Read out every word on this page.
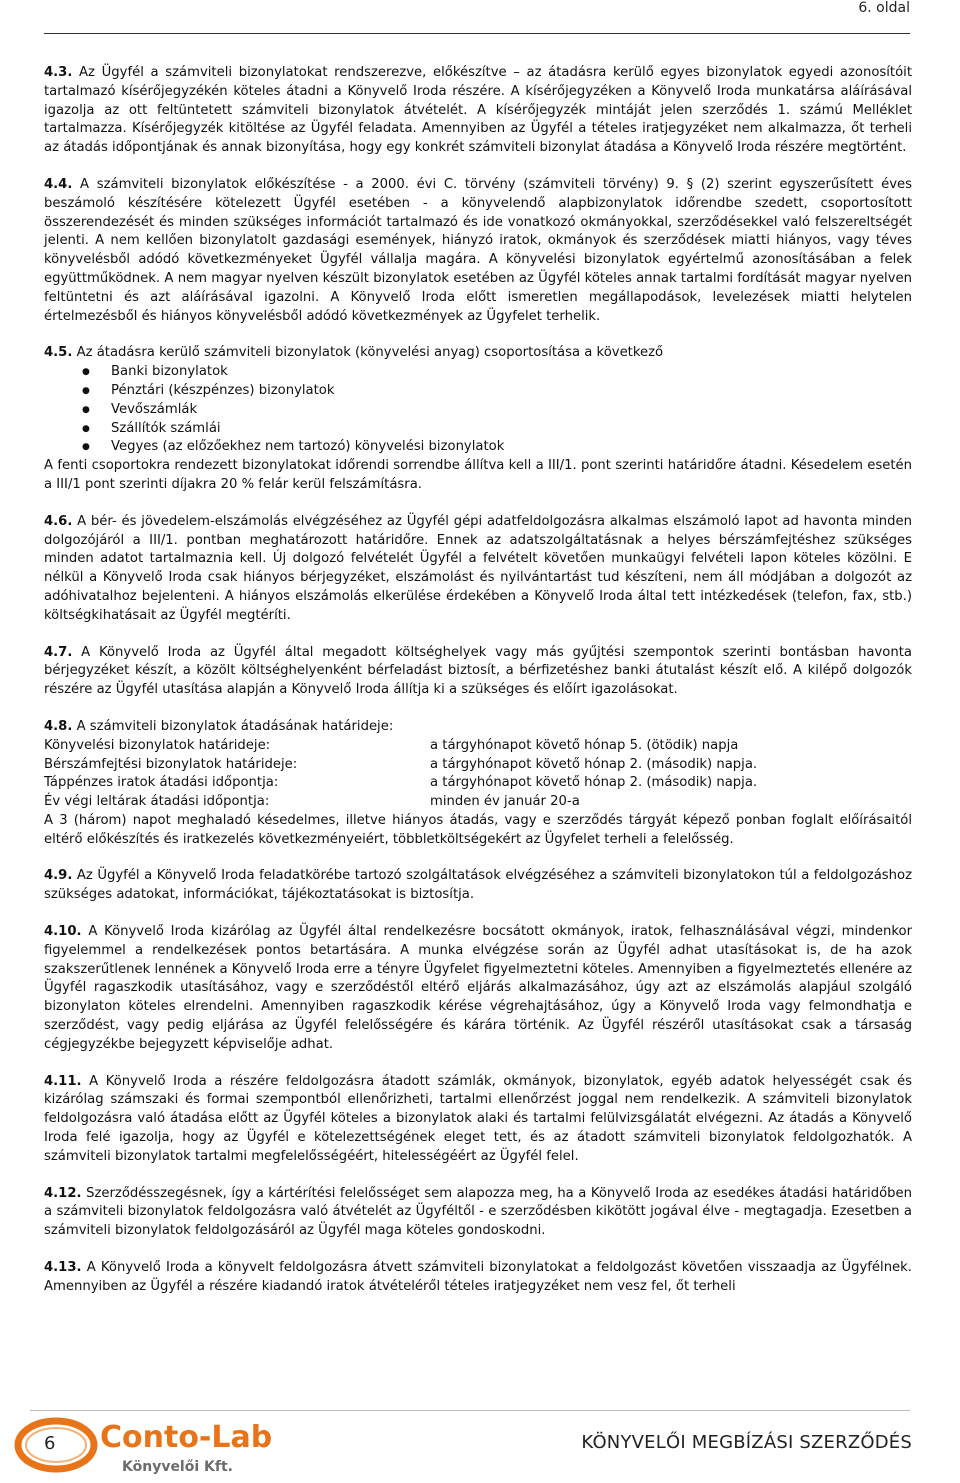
6. oldal

4.3. Az Ügyfél a számviteli bizonylatokat rendszerezve, előkészítve – az átadásra kerülő egyes bizonylatok egyedi azonosítóit tartalmazó kísérőjegyzékén köteles átadni a Könyvelő Iroda részére. A kísérőjegyzéken a Könyvelő Iroda munkatársa aláírásával igazolja az ott feltüntetett számviteli bizonylatok átvételét. A kísérőjegyzék mintáját jelen szerződés 1. számú Melléklet tartalmazza. Kísérőjegyzék kitöltése az Ügyfél feladata. Amennyiben az Ügyfél a tételes iratjegyzéket nem alkalmazza, őt terheli az átadás időpontjának és annak bizonyítása, hogy egy konkrét számviteli bizonylat átadása a Könyvelő Iroda részére megtörtént.

4.4. A számviteli bizonylatok előkészítése - a 2000. évi C. törvény (számviteli törvény) 9. § (2) szerint egyszerűsített éves beszámoló készítésére kötelezett Ügyfél esetében - a könyvelendő alapbizonylatok időrendbe szedett, csoportosított összerendezését és minden szükséges információt tartalmazó és ide vonatkozó okmányokkal, szerződésekkel való felszereltségét jelenti. A nem kellően bizonylatolt gazdasági események, hiányzó iratok, okmányok és szerződések miatti hiányos, vagy téves könyvelésből adódó következményeket Ügyfél vállalja magára. A könyvelési bizonylatok egyértelmű azonosításában a felek együttműködnek. A nem magyar nyelven készült bizonylatok esetében az Ügyfél köteles annak tartalmi fordítását magyar nyelven feltüntetni és azt aláírásával igazolni. A Könyvelő Iroda előtt ismeretlen megállapodások, levelezések miatti helytelen értelmezésből és hiányos könyvelésből adódó következmények az Ügyfelet terhelik.

4.5. Az átadásra kerülő számviteli bizonylatok (könyvelési anyag) csoportosítása a következő

● Banki bizonylatok
● Pénztári (készpénzes) bizonylatok
● Vevőszámlák
● Szállítók számlái
● Vegyes (az előzőekhez nem tartozó) könyvelési bizonylatok

A fenti csoportokra rendezett bizonylatokat időrendi sorrendbe állítva kell a III/1. pont szerinti határidőre átadni. Késedelem esetén a III/1 pont szerinti díjakra 20 % felár kerül felszámításra.

4.6. A bér- és jövedelem-elszámolás elvégzéséhez az Ügyfél gépi adatfeldolgozásra alkalmas elszámoló lapot ad havonta minden dolgozójáról a III/1. pontban meghatározott határidőre. Ennek az adatszolgáltatásnak a helyes bérszámfejtéshez szükséges minden adatot tartalmaznia kell. Új dolgozó felvételét Ügyfél a felvételt követően munkaügyi felvételi lapon köteles közölni. E nélkül a Könyvelő Iroda csak hiányos bérjegyzéket, elszámolást és nyilvántartást tud készíteni, nem áll módjában a dolgozót az adóhivatalhoz bejelenteni. A hiányos elszámolás elkerülése érdekében a Könyvelő Iroda által tett intézkedések (telefon, fax, stb.) költségkihatásait az Ügyfél megtéríti.

4.7. A Könyvelő Iroda az Ügyfél által megadott költséghelyek vagy más gyűjtési szempontok szerinti bontásban havonta bérjegyzéket készít, a közölt költséghelyenként bérfeladást biztosít, a bérfizetéshez banki átutalást készít elő. A kilépő dolgozók részére az Ügyfél utasítása alapján a Könyvelő Iroda állítja ki a szükséges és előírt igazolásokat.

4.8. A számviteli bizonylatok átadásának határideje:

Könyvelési bizonylatok határideje:	a tárgyhónapot követő hónap 5. (ötödik) napja
Bérszámfejtési bizonylatok határideje:	a tárgyhónapot követő hónap 2. (második) napja.
Táppénzes iratok átadási időpontja:	a tárgyhónapot követő hónap 2. (második) napja.
Év végi leltárak átadási időpontja:	minden év január 20-a

A 3 (három) napot meghaladó késedelmes, illetve hiányos átadás, vagy e szerződés tárgyát képező ponban foglalt előírásaitól eltérő előkészítés és iratkezelés következményeiért, többletköltségekért az Ügyfelet terheli a felelősség.

4.9. Az Ügyfél a Könyvelő Iroda feladatkörébe tartozó szolgáltatások elvégzéséhez a számviteli bizonylatokon túl a feldolgozáshoz szükséges adatokat, információkat, tájékoztatásokat is biztosítja.

4.10. A Könyvelő Iroda kizárólag az Ügyfél által rendelkezésre bocsátott okmányok, iratok, felhasználásával végzi, mindenkor figyelemmel a rendelkezések pontos betartására. A munka elvégzése során az Ügyfél adhat utasításokat is, de ha azok szakszerűtlenek lennének a Könyvelő Iroda erre a tényre Ügyfelet figyelmeztetni köteles. Amennyiben a figyelmeztetés ellenére az Ügyfél ragaszkodik utasításához, vagy e szerződéstől eltérő eljárás alkalmazásához, úgy azt az elszámolás alapjául szolgáló bizonylaton köteles elrendelni. Amennyiben ragaszkodik kérése végrehajtásához, úgy a Könyvelő Iroda vagy felmondhatja e szerződést, vagy pedig eljárása az Ügyfél felelősségére és kárára történik. Az Ügyfél részéről utasításokat csak a társaság cégjegyzékbe bejegyzett képviselője adhat.

4.11. A Könyvelő Iroda a részére feldolgozásra átadott számlák, okmányok, bizonylatok, egyéb adatok helyességét csak és kizárólag számszaki és formai szempontból ellenőrizheti, tartalmi ellenőrzést joggal nem rendelkezik. A számviteli bizonylatok feldolgozásra való átadása előtt az Ügyfél köteles a bizonylatok alaki és tartalmi felülvizsgálatát elvégezni. Az átadás a Könyvelő Iroda felé igazolja, hogy az Ügyfél e kötelezettségének eleget tett, és az átadott számviteli bizonylatok feldolgozhatók. A számviteli bizonylatok tartalmi megfelelősségéért, hitelességéért az Ügyfél felel.

4.12. Szerződésszegésnek, így a kártérítési felelősséget sem alapozza meg, ha a Könyvelő Iroda az esedékes átadási határidőben a számviteli bizonylatok feldolgozásra való átvételét az Ügyféltől - e szerződésben kikötött jogával élve - megtagadja. Ezesetben a számviteli bizonylatok feldolgozásáról az Ügyfél maga köteles gondoskodni.

4.13. A Könyvelő Iroda a könyvelt feldolgozásra átvett számviteli bizonylatokat a feldolgozást követően visszaadja az Ügyfélnek. Amennyiben az Ügyfél a részére kiadandó iratok átvételéről tételes iratjegyzéket nem vesz fel, őt terheli

Conto-Lab
Könyvelői Kft.
6	KÖNYVELŐI MEGBÍZÁSI SZERZŐDÉS
